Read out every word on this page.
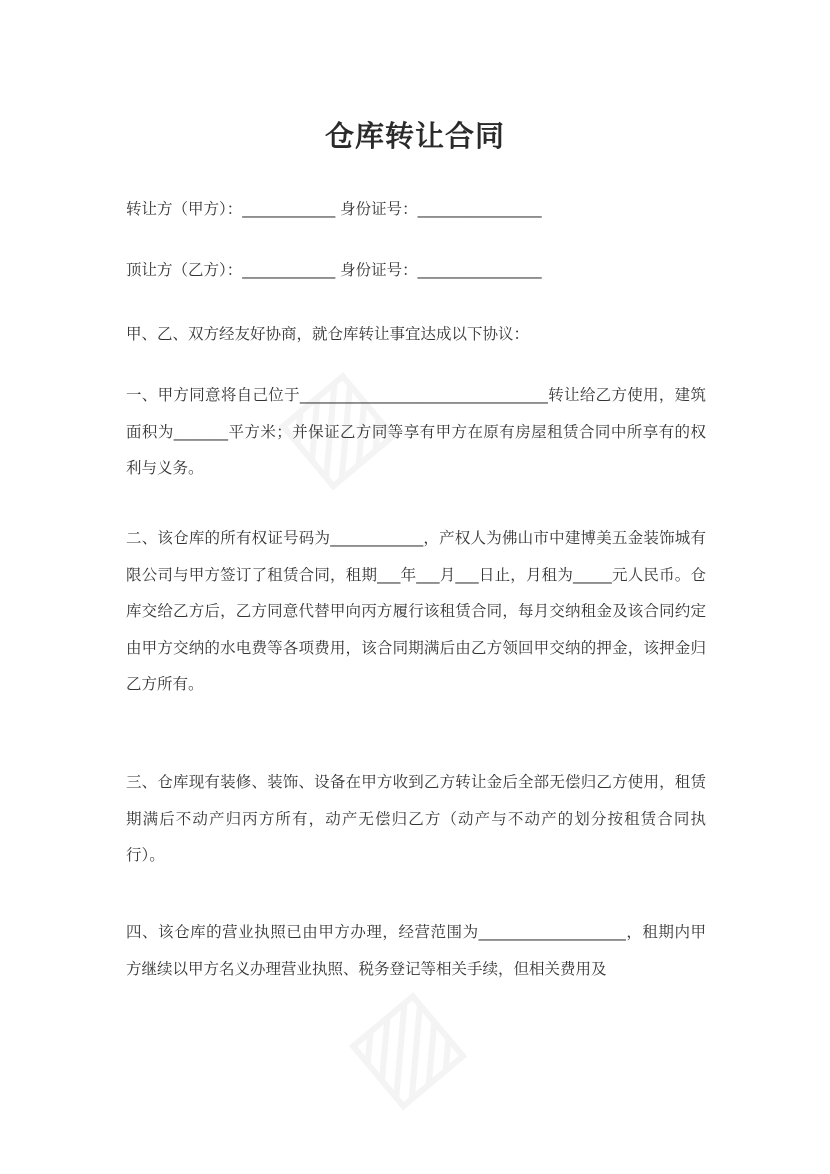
仓库转让合同
转让方（甲方）：____________ 身份证号：________________
顶让方（乙方）：____________ 身份证号：________________
甲、乙、双方经友好协商，就仓库转让事宜达成以下协议：
一、甲方同意将自己位于________________________________转让给乙方使用，建筑面积为_______平方米；并保证乙方同等享有甲方在原有房屋租赁合同中所享有的权利与义务。
二、该仓库的所有权证号码为____________，产权人为佛山市中建博美五金装饰城有限公司与甲方签订了租赁合同，租期___年___月___日止，月租为_____元人民币。仓库交给乙方后，乙方同意代替甲向丙方履行该租赁合同，每月交纳租金及该合同约定由甲方交纳的水电费等各项费用，该合同期满后由乙方领回甲交纳的押金，该押金归乙方所有。
三、仓库现有装修、装饰、设备在甲方收到乙方转让金后全部无偿归乙方使用，租赁期满后不动产归丙方所有，动产无偿归乙方（动产与不动产的划分按租赁合同执行）。
四、该仓库的营业执照已由甲方办理，经营范围为___________________，租期内甲方继续以甲方名义办理营业执照、税务登记等相关手续，但相关费用及
